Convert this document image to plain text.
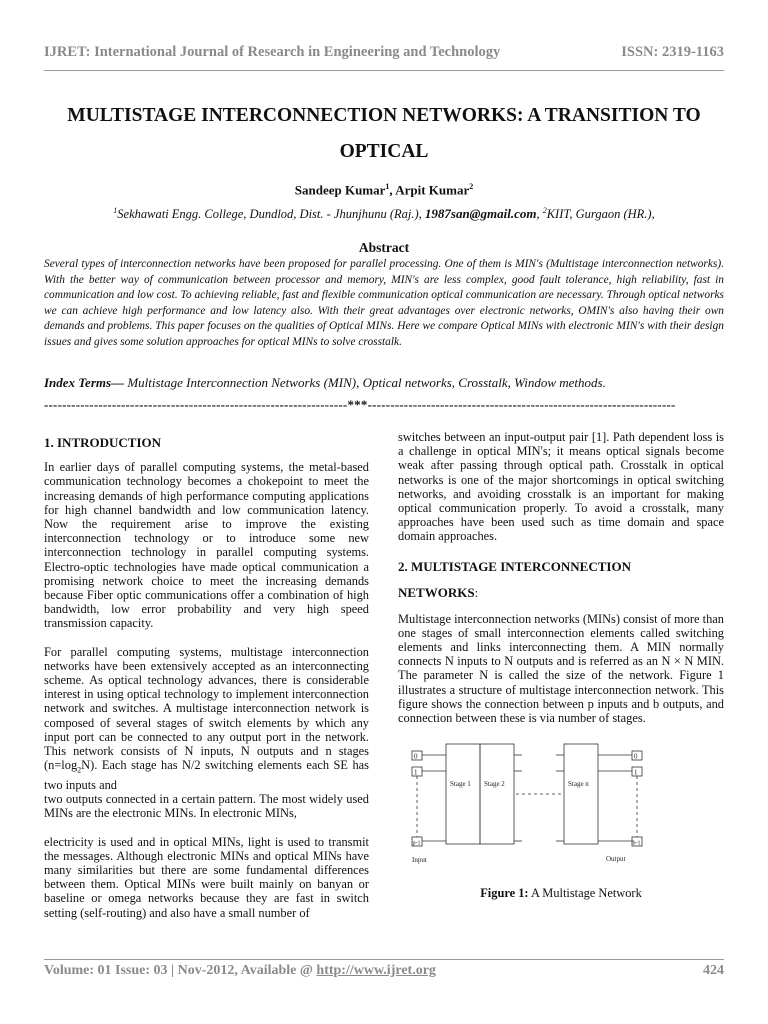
IJRET: International Journal of Research in Engineering and Technology	ISSN: 2319-1163
MULTISTAGE INTERCONNECTION NETWORKS: A TRANSITION TO
OPTICAL
Sandeep Kumar$^1$, Arpit Kumar$^2$
$^1$Sekhawati Engg. College, Dundlod, Dist. - Jhunjhunu (Raj.), 1987san@gmail.com, $^2$KIIT, Gurgaon (HR.),
Abstract
Several types of interconnection networks have been proposed for parallel processing. One of them is MIN's (Multistage interconnection networks). With the better way of communication between processor and memory, MIN's are less complex, good fault tolerance, high reliability, fast in communication and low cost. To achieving reliable, fast and flexible communication optical communication are necessary. Through optical networks we can achieve high performance and low latency also. With their great advantages over electronic networks, OMIN's also having their own demands and problems. This paper focuses on the qualities of Optical MINs. Here we compare Optical MINs with electronic MIN's with their design issues and gives some solution approaches for optical MINs to solve crosstalk.
Index Terms— Multistage Interconnection Networks (MIN), Optical networks, Crosstalk, Window methods.
-------------------------------------------------------------------***--------------------------------------------------------------------
1. INTRODUCTION

In earlier days of parallel computing systems, the metal-based communication technology becomes a chokepoint to meet the increasing demands of high performance computing applications for high channel bandwidth and low communication latency. Now the requirement arise to improve the existing interconnection technology or to introduce some new interconnection technology in parallel computing systems. Electro-optic technologies have made optical communication a promising network choice to meet the increasing demands because Fiber optic communications offer a combination of high bandwidth, low error probability and very high speed transmission capacity.

For parallel computing systems, multistage interconnection networks have been extensively accepted as an interconnecting scheme. As optical technology advances, there is considerable interest in using optical technology to implement interconnection network and switches. A multistage interconnection network is composed of several stages of switch elements by which any input port can be connected to any output port in the network. This network consists of N inputs, N outputs and n stages $(n=\log_2N)$. Each stage has N/2 switching elements each SE has two inputs and

two outputs connected in a certain pattern. The most widely used MINs are the electronic MINs. In electronic MINs,

electricity is used and in optical MINs, light is used to transmit the messages. Although electronic MINs and optical MINs have many similarities but there are some fundamental differences between them. Optical MINs were built mainly on banyan or baseline or omega networks because they are fast in switch setting (self-routing) and also have a small number of

switches between an input-output pair [1]. Path dependent loss is a challenge in optical MIN's; it means optical signals become weak after passing through optical path. Crosstalk in optical networks is one of the major shortcomings in optical switching networks, and avoiding crosstalk is an important for making optical communication properly. To avoid a crosstalk, many approaches have been used such as time domain and space domain approaches.

2. MULTISTAGE INTERCONNECTION
NETWORKS:

Multistage interconnection networks (MINs) consist of more than one stages of small interconnection elements called switching elements and links interconnecting them. A MIN normally connects N inputs to N outputs and is referred as an N × N MIN. The parameter N is called the size of the network. Figure 1 illustrates a structure of multistage interconnection network. This figure shows the connection between p inputs and b outputs, and connection between these is via number of stages.

0
1
p-1
0
1
b-1
Stage 1 Stage 2	Stage n
Input	Output
Figure 1: A Multistage Network
Volume: 01 Issue: 03 | Nov-2012, Available @ http://www.ijret.org	424
